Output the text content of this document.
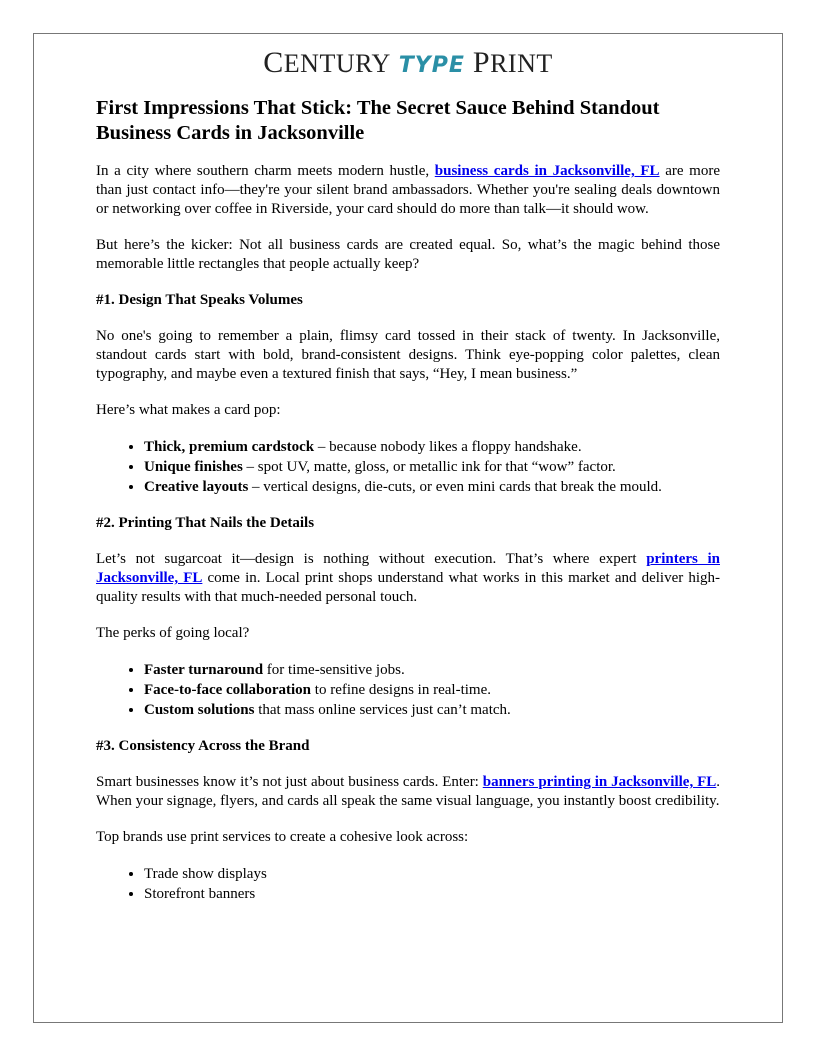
CENTURY TYPE PRINT
First Impressions That Stick: The Secret Sauce Behind Standout Business Cards in Jacksonville

In a city where southern charm meets modern hustle, business cards in Jacksonville, FL are more than just contact info—they're your silent brand ambassadors. Whether you're sealing deals downtown or networking over coffee in Riverside, your card should do more than talk—it should wow.

But here’s the kicker: Not all business cards are created equal. So, what’s the magic behind those memorable little rectangles that people actually keep?

#1. Design That Speaks Volumes

No one's going to remember a plain, flimsy card tossed in their stack of twenty. In Jacksonville, standout cards start with bold, brand-consistent designs. Think eye-popping color palettes, clean typography, and maybe even a textured finish that says, “Hey, I mean business.”

Here’s what makes a card pop:

• Thick, premium cardstock – because nobody likes a floppy handshake.
• Unique finishes – spot UV, matte, gloss, or metallic ink for that “wow” factor.
• Creative layouts – vertical designs, die-cuts, or even mini cards that break the mould.
#2. Printing That Nails the Details

Let’s not sugarcoat it—design is nothing without execution. That’s where expert printers in Jacksonville, FL come in. Local print shops understand what works in this market and deliver high-quality results with that much-needed personal touch.

The perks of going local?

• Faster turnaround for time-sensitive jobs.
• Face-to-face collaboration to refine designs in real-time.
• Custom solutions that mass online services just can’t match.
#3. Consistency Across the Brand

Smart businesses know it’s not just about business cards. Enter: banners printing in Jacksonville, FL. When your signage, flyers, and cards all speak the same visual language, you instantly boost credibility.

Top brands use print services to create a cohesive look across:

• Trade show displays
• Storefront banners
